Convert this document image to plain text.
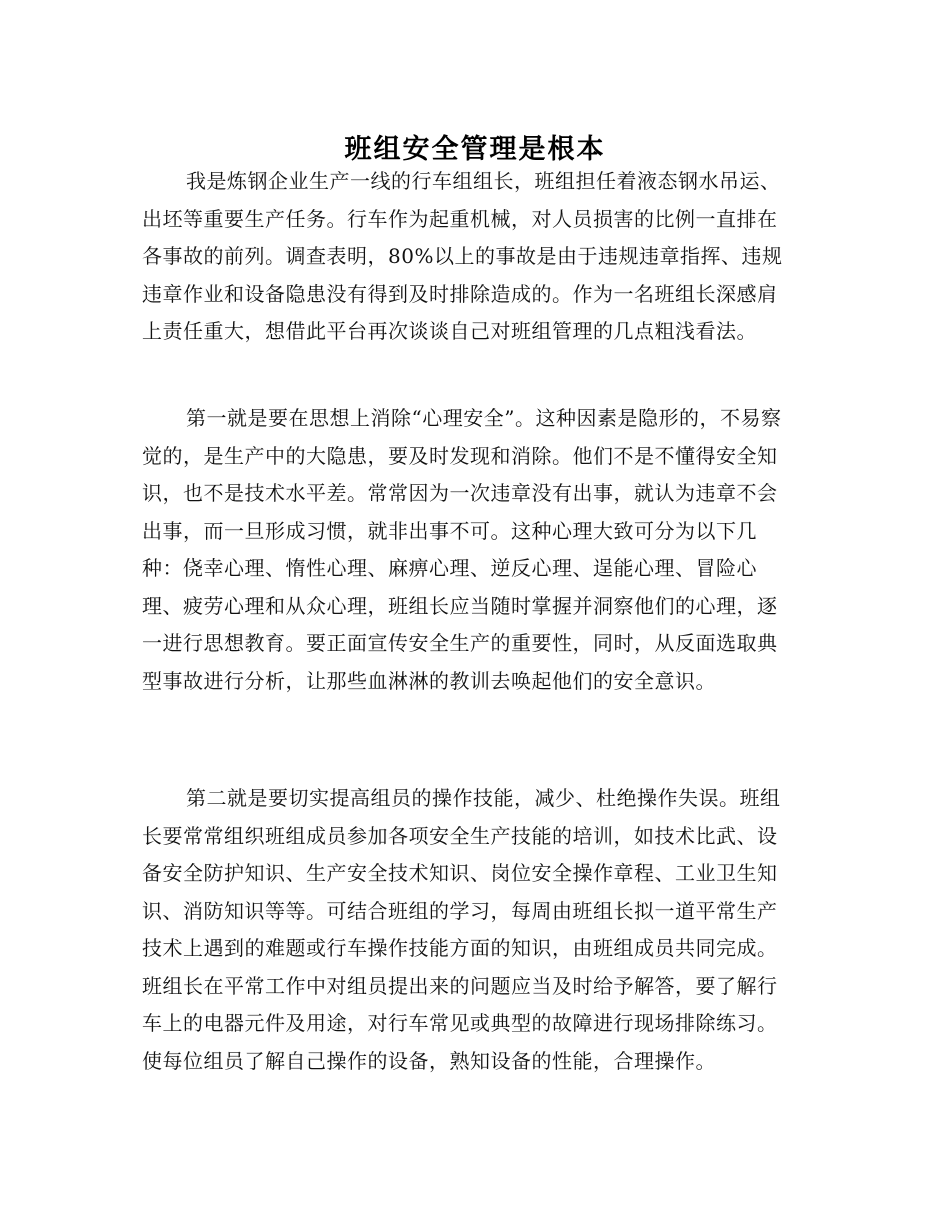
班组安全管理是根本

我是炼钢企业生产一线的行车组组长，班组担任着液态钢水吊运、出坯等重要生产任务。行车作为起重机械，对人员损害的比例一直排在各事故的前列。调查表明，80%以上的事故是由于违规违章指挥、违规违章作业和设备隐患没有得到及时排除造成的。作为一名班组长深感肩上责任重大，想借此平台再次谈谈自己对班组管理的几点粗浅看法。

第一就是要在思想上消除“心理安全”。这种因素是隐形的，不易察觉的，是生产中的大隐患，要及时发现和消除。他们不是不懂得安全知识，也不是技术水平差。常常因为一次违章没有出事，就认为违章不会出事，而一旦形成习惯，就非出事不可。这种心理大致可分为以下几种：侥幸心理、惰性心理、麻痹心理、逆反心理、逞能心理、冒险心理、疲劳心理和从众心理，班组长应当随时掌握并洞察他们的心理，逐一进行思想教育。要正面宣传安全生产的重要性，同时，从反面选取典型事故进行分析，让那些血淋淋的教训去唤起他们的安全意识。

第二就是要切实提高组员的操作技能，减少、杜绝操作失误。班组长要常常组织班组成员参加各项安全生产技能的培训，如技术比武、设备安全防护知识、生产安全技术知识、岗位安全操作章程、工业卫生知识、消防知识等等。可结合班组的学习，每周由班组长拟一道平常生产技术上遇到的难题或行车操作技能方面的知识，由班组成员共同完成。班组长在平常工作中对组员提出来的问题应当及时给予解答，要了解行车上的电器元件及用途，对行车常见或典型的故障进行现场排除练习。使每位组员了解自己操作的设备，熟知设备的性能，合理操作。
